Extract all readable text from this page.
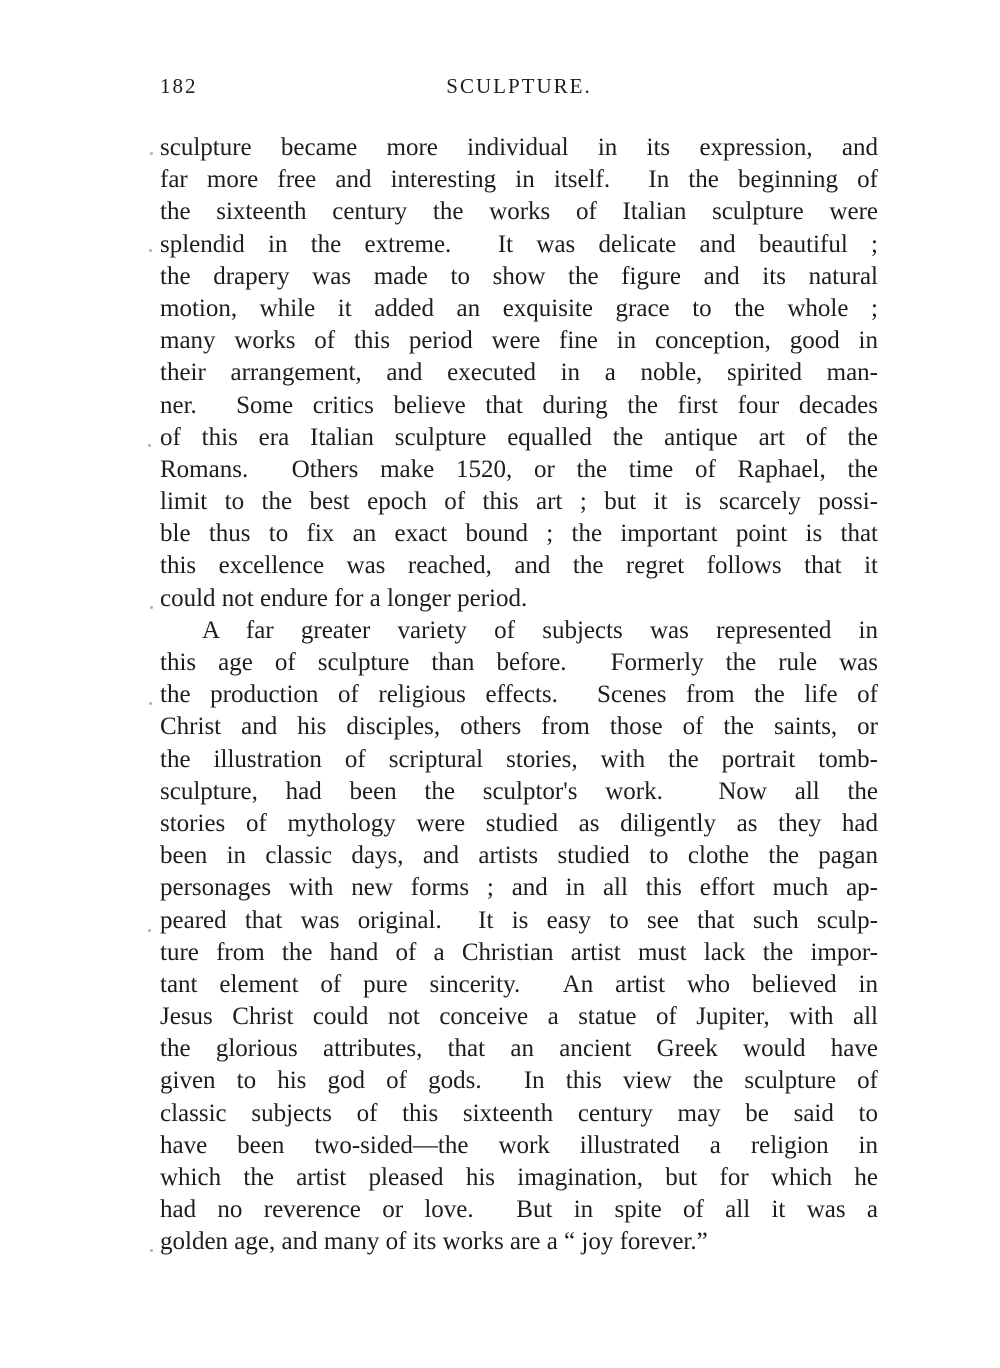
182	SCULPTURE.
sculpture became more individual in its expression, and
far more free and interesting in itself.  In the beginning of
the sixteenth century the works of Italian sculpture were
splendid in the extreme.  It was delicate and beautiful ;
the drapery was made to show the figure and its natural
motion, while it added an exquisite grace to the whole ;
many works of this period were fine in conception, good in
their arrangement, and executed in a noble, spirited man-
ner.  Some critics believe that during the first four decades
of this era Italian sculpture equalled the antique art of the
Romans.  Others make 1520, or the time of Raphael, the
limit to the best epoch of this art ; but it is scarcely possi-
ble thus to fix an exact bound ; the important point is that
this excellence was reached, and the regret follows that it
could not endure for a longer period.
A far greater variety of subjects was represented in
this age of sculpture than before.  Formerly the rule was
the production of religious effects.  Scenes from the life of
Christ and his disciples, others from those of the saints, or
the illustration of scriptural stories, with the portrait tomb-
sculpture, had been the sculptor's work.  Now all the
stories of mythology were studied as diligently as they had
been in classic days, and artists studied to clothe the pagan
personages with new forms ; and in all this effort much ap-
peared that was original.  It is easy to see that such sculp-
ture from the hand of a Christian artist must lack the impor-
tant element of pure sincerity.  An artist who believed in
Jesus Christ could not conceive a statue of Jupiter, with all
the glorious attributes, that an ancient Greek would have
given to his god of gods.  In this view the sculpture of
classic subjects of this sixteenth century may be said to
have been two-sided—the work illustrated a religion in
which the artist pleased his imagination, but for which he
had no reverence or love.  But in spite of all it was a
golden age, and many of its works are a “ joy forever.”
